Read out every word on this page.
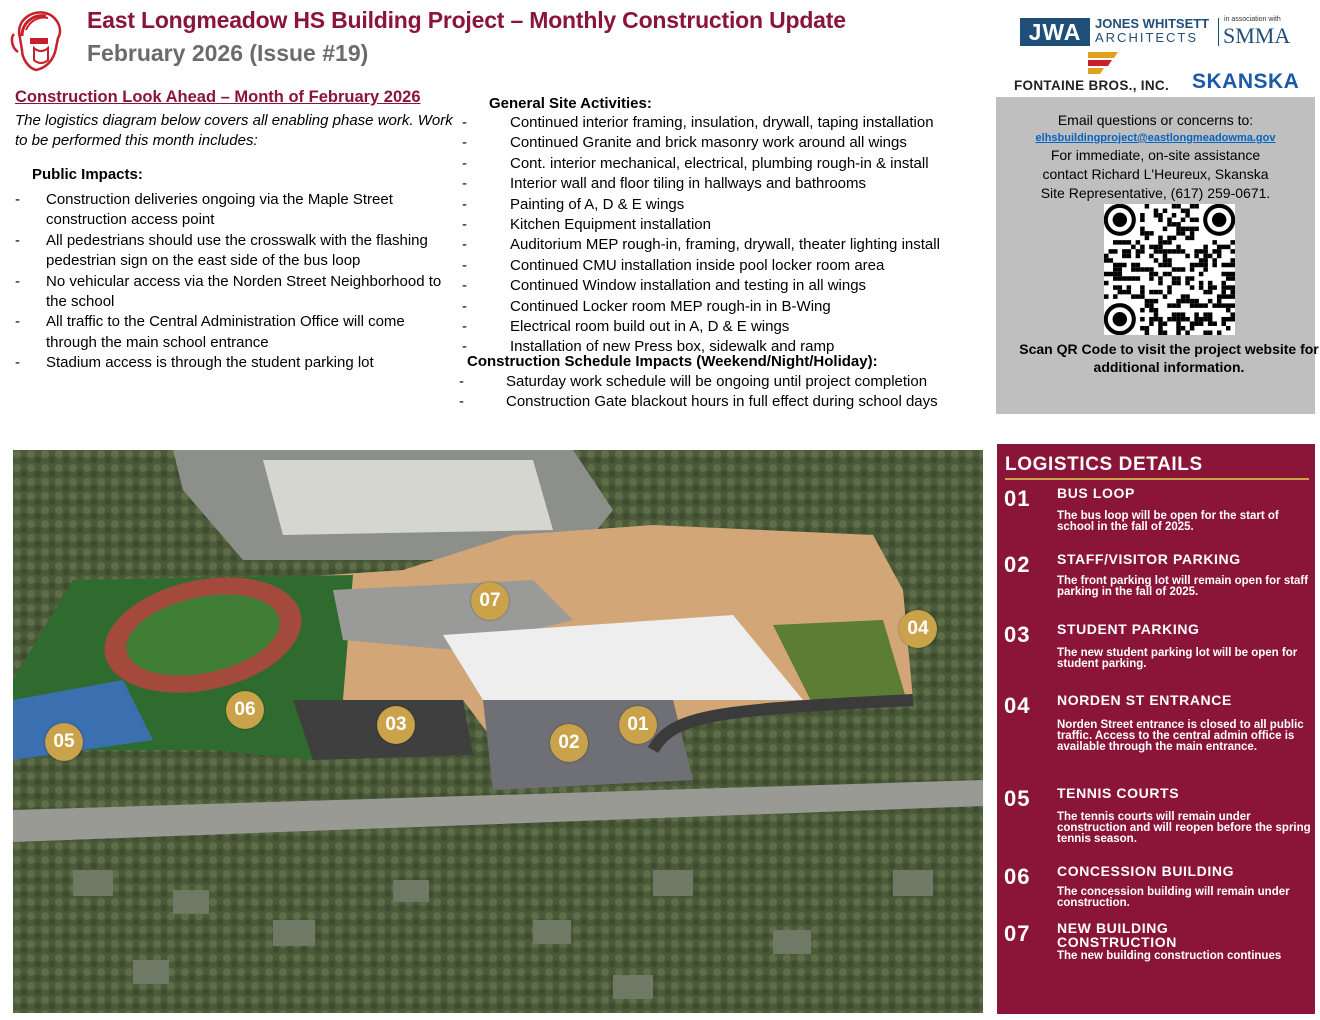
East Longmeadow HS Building Project – Monthly Construction Update
February 2026 (Issue #19)
JWA	JONES WHITSETT
ARCHITECTS
in association with
SMMA
FONTAINE BROS., INC. SKANSKA
Construction Look Ahead – Month of February 2026
The logistics diagram below covers all enabling phase work. Work to be performed this month includes:
Public Impacts:
- Construction deliveries ongoing via the Maple Street construction access point
- All pedestrians should use the crosswalk with the flashing pedestrian sign on the east side of the bus loop
- No vehicular access via the Norden Street Neighborhood to the school
- All traffic to the Central Administration Office will come through the main school entrance
- Stadium access is through the student parking lot
General Site Activities:
-	Continued interior framing, insulation, drywall, taping installation
-	Continued Granite and brick masonry work around all wings
-	Cont. interior mechanical, electrical, plumbing rough-in & install
-	Interior wall and floor tiling in hallways and bathrooms
-	Painting of A, D & E wings
-	Kitchen Equipment installation
-	Auditorium MEP rough-in, framing, drywall, theater lighting install
-	Continued CMU installation inside pool locker room area
-	Continued Window installation and testing in all wings
-	Continued Locker room MEP rough-in in B-Wing
-	Electrical room build out in A, D & E wings
-	Installation of new Press box, sidewalk and ramp
Construction Schedule Impacts (Weekend/Night/Holiday):
-	Saturday work schedule will be ongoing until project completion
-	Construction Gate blackout hours in full effect during school days
Email questions or concerns to:
elhsbuildingproject@eastlongmeadowma.gov
For immediate, on-site assistance contact Richard L'Heureux, Skanska Site Representative, (617) 259-0671.
Scan QR Code to visit the project website for additional information.
07
04
06
03	01
02
05
LOGISTICS DETAILS
01 BUS LOOP
The bus loop will be open for the start of school in the fall of 2025.
02 STAFF/VISITOR PARKING
The front parking lot will remain open for staff parking in the fall of 2025.
03 STUDENT PARKING
The new student parking lot will be open for student parking.
04 NORDEN ST ENTRANCE
Norden Street entrance is closed to all public traffic. Access to the central admin office is available through the main entrance.
05 TENNIS COURTS
The tennis courts will remain under construction and will reopen before the spring tennis season.
06 CONCESSION BUILDING
The concession building will remain under construction.
07 NEW BUILDING CONSTRUCTION
The new building construction continues
